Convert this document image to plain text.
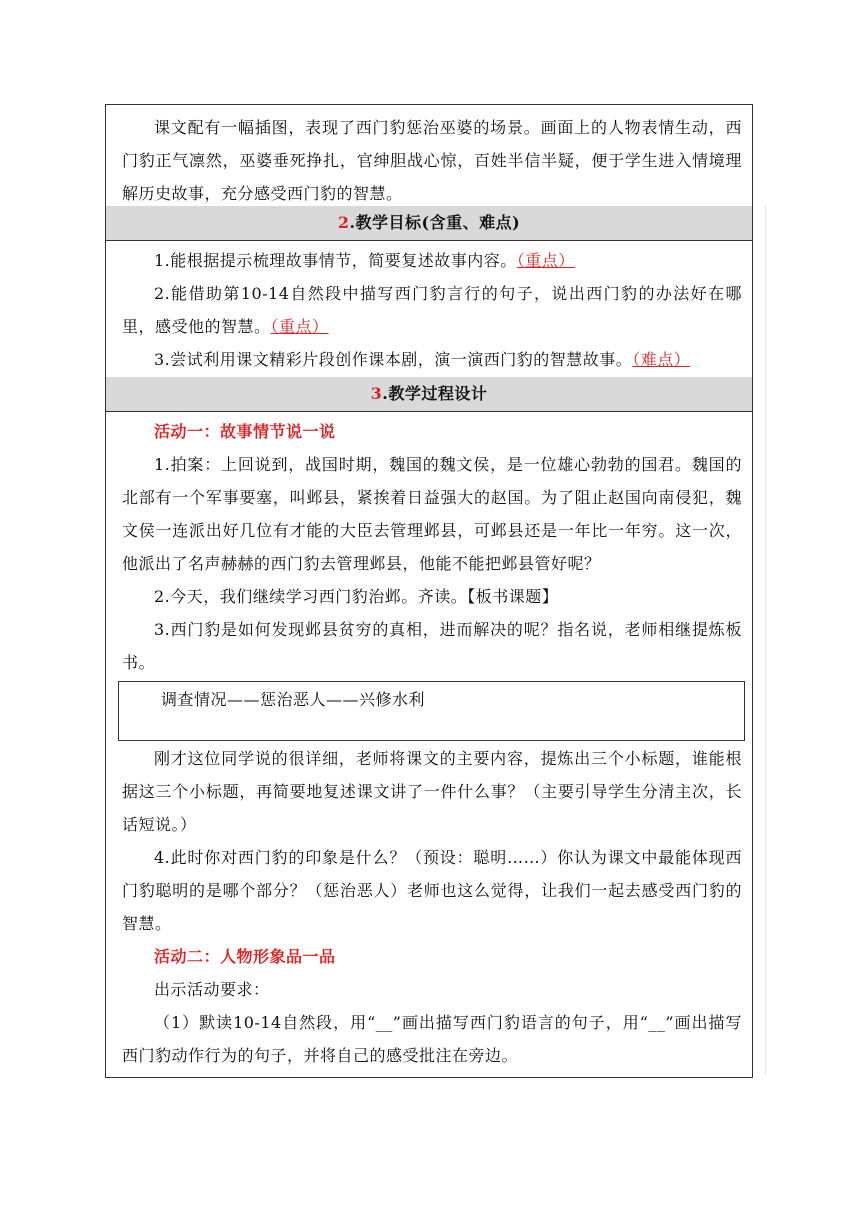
课文配有一幅插图，表现了西门豹惩治巫婆的场景。画面上的人物表情生动，西门豹正气凛然，巫婆垂死挣扎，官绅胆战心惊，百姓半信半疑，便于学生进入情境理解历史故事，充分感受西门豹的智慧。
2.教学目标(含重、难点)
1.能根据提示梳理故事情节，简要复述故事内容。（重点）
2.能借助第10-14自然段中描写西门豹言行的句子，说出西门豹的办法好在哪里，感受他的智慧。（重点）
3.尝试利用课文精彩片段创作课本剧，演一演西门豹的智慧故事。（难点）
3.教学过程设计
活动一：故事情节说一说
1.拍案：上回说到，战国时期，魏国的魏文侯，是一位雄心勃勃的国君。魏国的北部有一个军事要塞，叫邺县，紧挨着日益强大的赵国。为了阻止赵国向南侵犯，魏文侯一连派出好几位有才能的大臣去管理邺县，可邺县还是一年比一年穷。这一次，他派出了名声赫赫的西门豹去管理邺县，他能不能把邺县管好呢？
2.今天，我们继续学习西门豹治邺。齐读。【板书课题】
3.西门豹是如何发现邺县贫穷的真相，进而解决的呢？指名说，老师相继提炼板书。
调查情况——惩治恶人——兴修水利
刚才这位同学说的很详细，老师将课文的主要内容，提炼出三个小标题，谁能根据这三个小标题，再简要地复述课文讲了一件什么事？（主要引导学生分清主次，长话短说。）
4.此时你对西门豹的印象是什么？（预设：聪明……）你认为课文中最能体现西门豹聪明的是哪个部分？（惩治恶人）老师也这么觉得，让我们一起去感受西门豹的智慧。
活动二：人物形象品一品
出示活动要求：
（1）默读10-14自然段，用“__”画出描写西门豹语言的句子，用“__”画出描写西门豹动作行为的句子，并将自己的感受批注在旁边。
